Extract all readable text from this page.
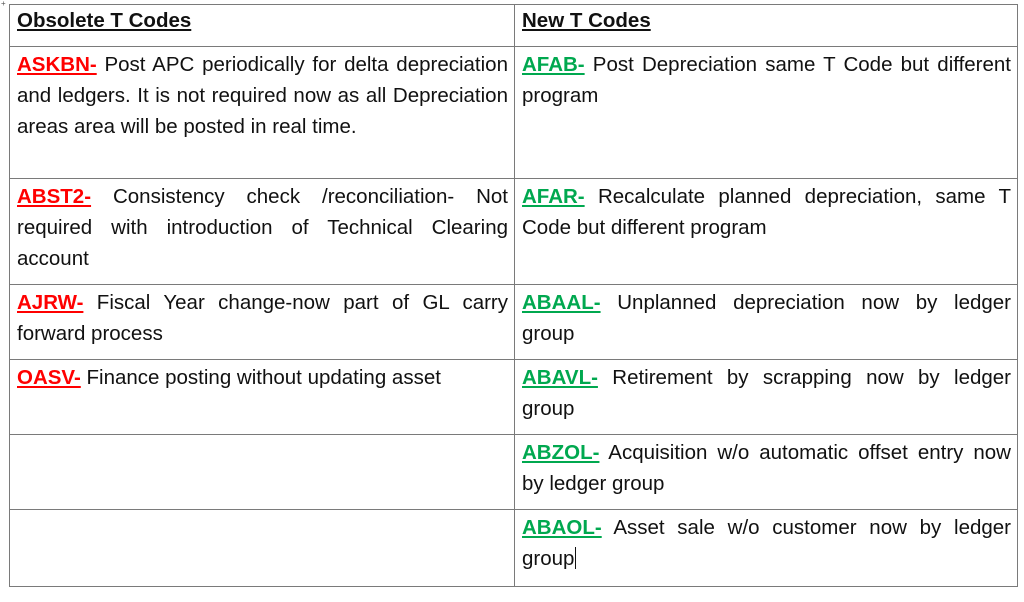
+
Obsolete T Codes	New T Codes
ASKBN- Post APC periodically for delta depreciation and ledgers. It is not required now as all Depreciation areas area will be posted in real time.	AFAB- Post Depreciation same T Code but different program
ABST2- Consistency check /reconciliation- Not required with introduction of Technical Clearing account	AFAR- Recalculate planned depreciation, same T Code but different program
AJRW- Fiscal Year change-now part of GL carry forward process	ABAAL- Unplanned depreciation now by ledger group
OASV- Finance posting without updating asset	ABAVL- Retirement by scrapping now by ledger group
	ABZOL- Acquisition w/o automatic offset entry now by ledger group
	ABAOL- Asset sale w/o customer now by ledger group
